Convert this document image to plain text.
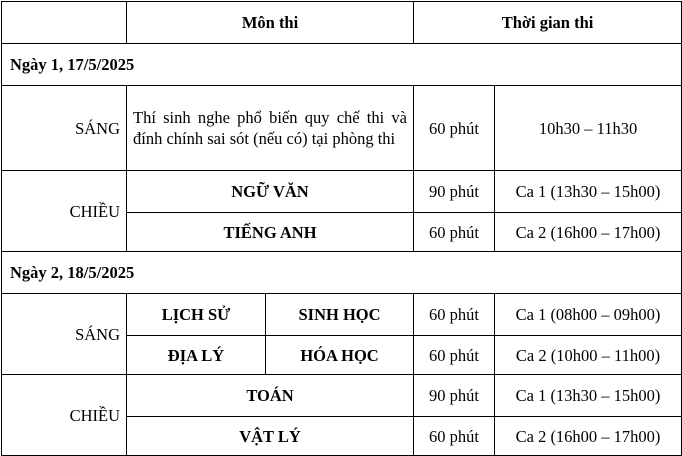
	Môn thi		Thời gian thi	
Ngày 1, 17/5/2025				
SÁNG	Thí sinh nghe phổ biến quy chế thi và đính chính sai sót (nếu có) tại phòng thi		60 phút	10h30 – 11h30
CHIỀU	NGỮ VĂN		90 phút	Ca 1 (13h30 – 15h00)
	TIẾNG ANH		60 phút	Ca 2 (16h00 – 17h00)
Ngày 2, 18/5/2025				
SÁNG	LỊCH SỬ	SINH HỌC	60 phút	Ca 1 (08h00 – 09h00)
	ĐỊA LÝ	HÓA HỌC	60 phút	Ca 2 (10h00 – 11h00)
CHIỀU	TOÁN		90 phút	Ca 1 (13h30 – 15h00)
	VẬT LÝ		60 phút	Ca 2 (16h00 – 17h00)
